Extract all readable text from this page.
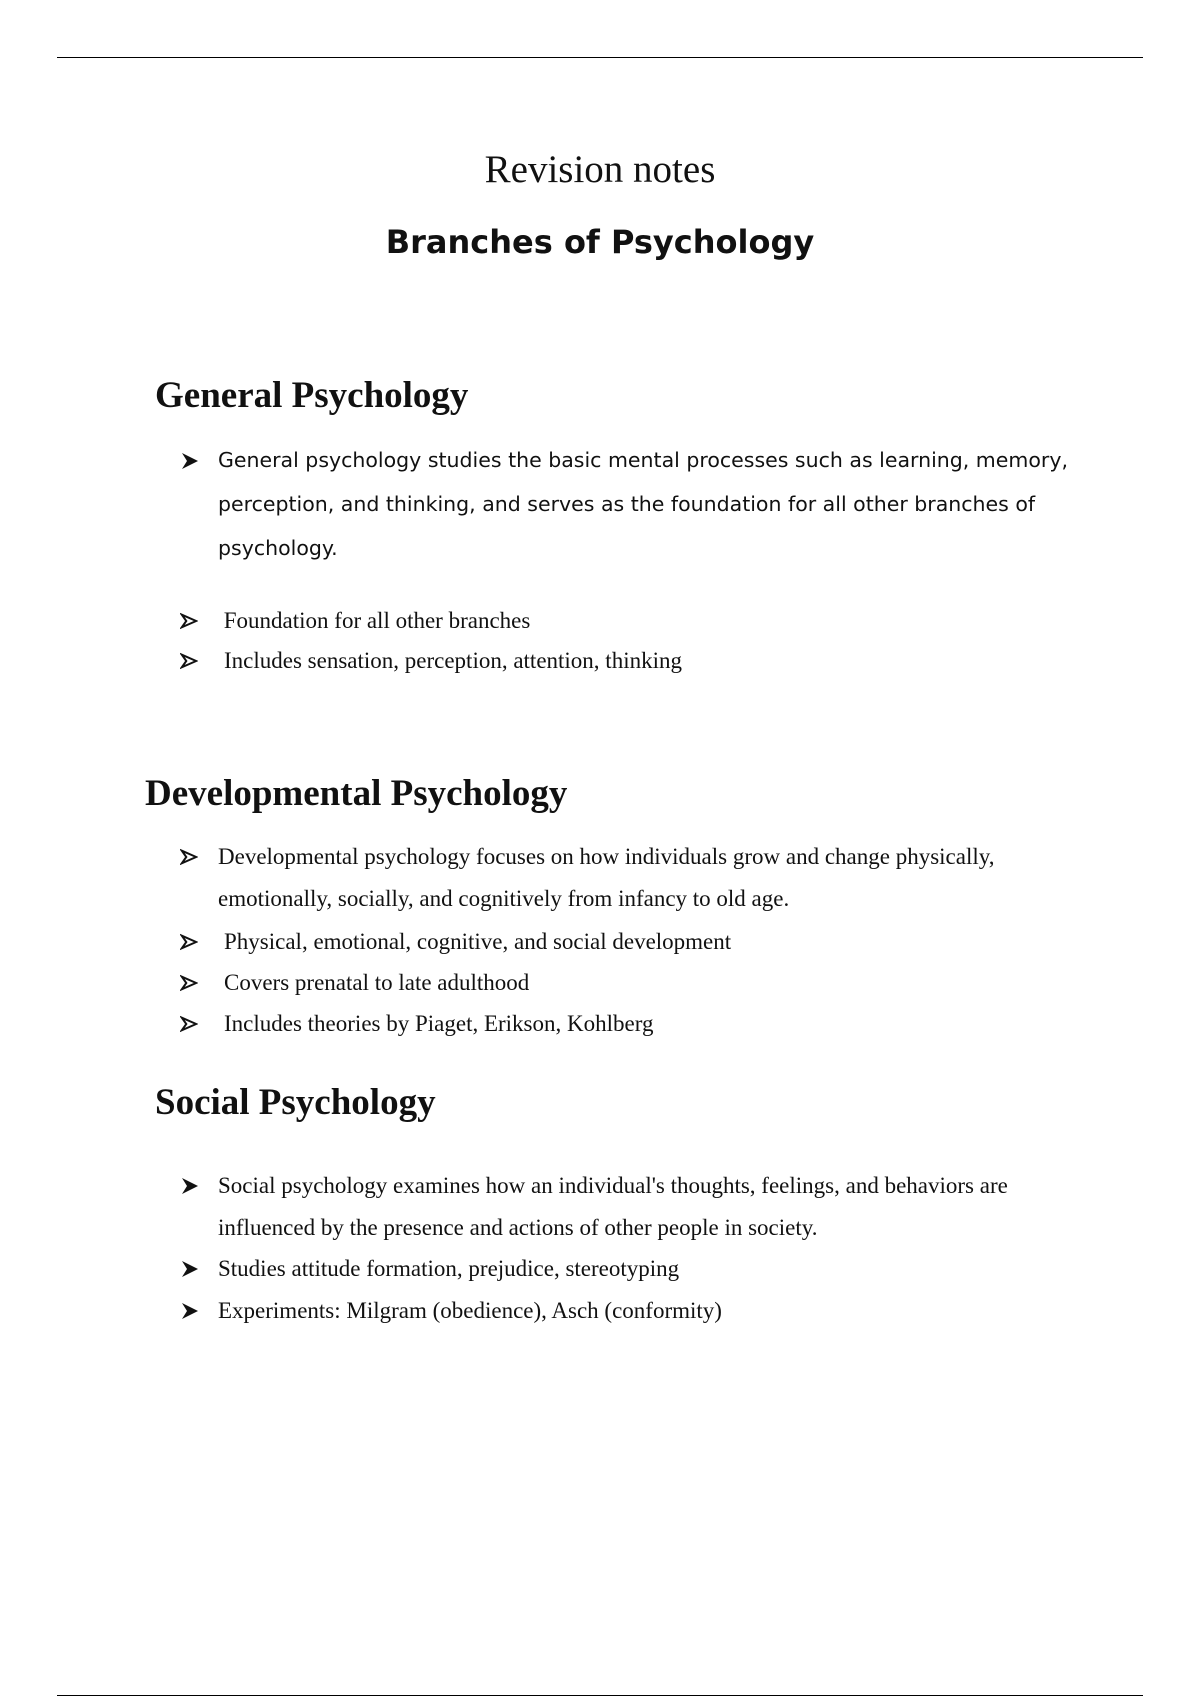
Revision notes
Branches of Psychology
General Psychology
General psychology studies the basic mental processes such as learning, memory, perception, and thinking, and serves as the foundation for all other branches of psychology.
Foundation for all other branches
Includes sensation, perception, attention, thinking
Developmental Psychology
Developmental psychology focuses on how individuals grow and change physically, emotionally, socially, and cognitively from infancy to old age.
Physical, emotional, cognitive, and social development
Covers prenatal to late adulthood
Includes theories by Piaget, Erikson, Kohlberg
Social Psychology
Social psychology examines how an individual's thoughts, feelings, and behaviors are influenced by the presence and actions of other people in society.
Studies attitude formation, prejudice, stereotyping
Experiments: Milgram (obedience), Asch (conformity)
